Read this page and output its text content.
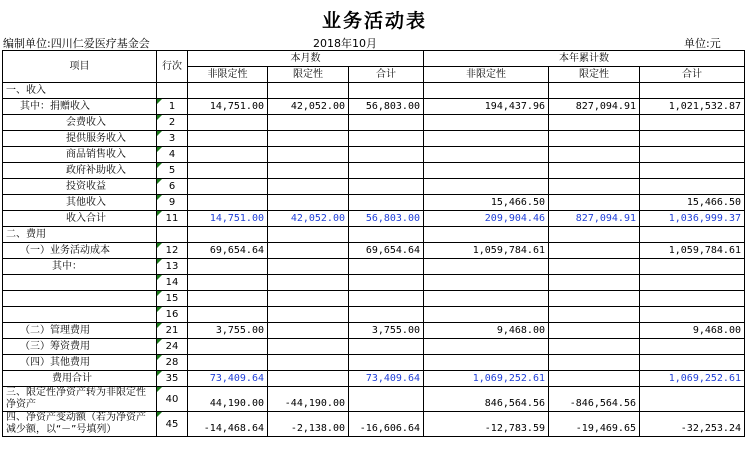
业务活动表
编制单位:四川仁爱医疗基金会	2018年10月	单位:元
项目	行次	本月数			本年累计数		
		非限定性	限定性	合计	非限定性	限定性	合计
一、收入							
其中：捐赠收入	1	14,751.00	42,052.00	56,803.00	194,437.96	827,094.91	1,021,532.87
会费收入	2						
提供服务收入	3						
商品销售收入	4						
政府补助收入	5						
投资收益	6						
其他收入	9				15,466.50		15,466.50
收入合计	11	14,751.00	42,052.00	56,803.00	209,904.46	827,094.91	1,036,999.37
二、费用							
（一）业务活动成本	12	69,654.64		69,654.64	1,059,784.61		1,059,784.61
其中：	13						
	14						
	15						
	16						
（二）管理费用	21	3,755.00		3,755.00	9,468.00		9,468.00
（三）筹资费用	24						
（四）其他费用	28						
费用合计	35	73,409.64		73,409.64	1,069,252.61		1,069,252.61
三、限定性净资产转为非限定性净资产	40	44,190.00	-44,190.00		846,564.56	-846,564.56	
四、净资产变动额（若为净资产减少额，以“－”号填列）	45	-14,468.64	-2,138.00	-16,606.64	-12,783.59	-19,469.65	-32,253.24
